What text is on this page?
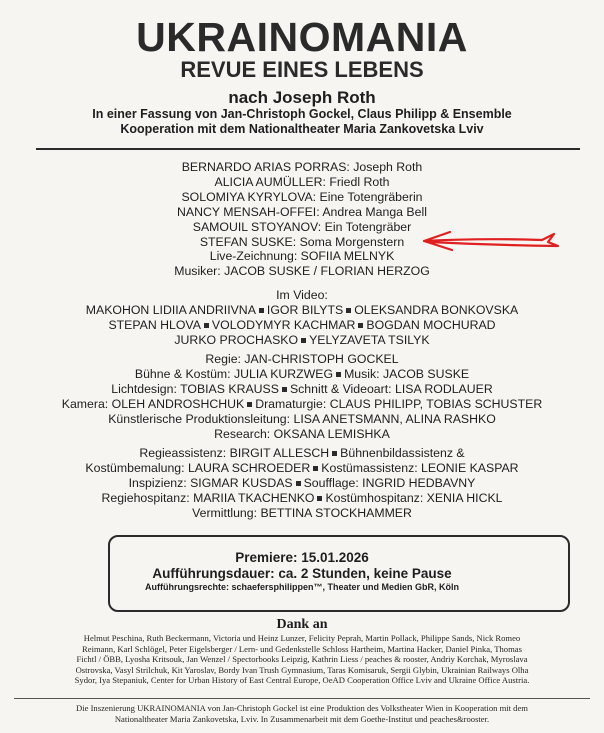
UKRAINOMANIA
REVUE EINES LEBENS
nach Joseph Roth
In einer Fassung von Jan-Christoph Gockel, Claus Philipp & Ensemble
Kooperation mit dem Nationaltheater Maria Zankovetska Lviv
BERNARDO ARIAS PORRAS: Joseph Roth
ALICIA AUMÜLLER: Friedl Roth
SOLOMIYA KYRYLOVA: Eine Totengräberin
NANCY MENSAH-OFFEI: Andrea Manga Bell
SAMOUIL STOYANOV: Ein Totengräber
STEFAN SUSKE: Soma Morgenstern
Live-Zeichnung: SOFIIA MELNYK
Musiker: JACOB SUSKE / FLORIAN HERZOG
Im Video:
MAKOHON LIDIIA ANDRIIVNA IGOR BILYTS OLEKSANDRA BONKOVSKA
STEPAN HLOVA VOLODYMYR KACHMAR BOGDAN MOCHURAD
JURKO PROCHASKO YELYZAVETA TSILYK
Regie: JAN-CHRISTOPH GOCKEL
Bühne & Kostüm: JULIA KURZWEG Musik: JACOB SUSKE
Lichtdesign: TOBIAS KRAUSS Schnitt & Videoart: LISA RODLAUER
Kamera: OLEH ANDROSHCHUK Dramaturgie: CLAUS PHILIPP, TOBIAS SCHUSTER
Künstlerische Produktionsleitung: LISA ANETSMANN, ALINA RASHKO
Research: OKSANA LEMISHKA
Regieassistenz: BIRGIT ALLESCH Bühnenbildassistenz &
Kostümbemalung: LAURA SCHROEDER Kostümassistenz: LEONIE KASPAR
Inspizienz: SIGMAR KUSDAS Soufflage: INGRID HEDBAVNY
Regiehospitanz: MARIIA TKACHENKO Kostümhospitanz: XENIA HICKL
Vermittlung: BETTINA STOCKHAMMER
Premiere: 15.01.2026
Aufführungsdauer: ca. 2 Stunden, keine Pause
Aufführungsrechte: schaefersphilippen™, Theater und Medien GbR, Köln
Dank an
Helmut Peschina, Ruth Beckermann, Victoria und Heinz Lunzer, Felicity Peprah, Martin Pollack, Philippe Sands, Nick Romeo
Reimann, Karl Schlögel, Peter Eigelsberger / Lern- und Gedenkstelle Schloss Hartheim, Martina Hacker, Daniel Pinka, Thomas
Fichtl / ÖBB, Lyosha Kritsouk, Jan Wenzel / Spectorbooks Leipzig, Kathrin Liess / peaches & rooster, Andriy Korchak, Myroslava
Ostrovska, Vasyl Strilchuk, Kit Yaroslav, Bordy Ivan Trush Gymnasium, Taras Komisaruk, Sergii Glybin, Ukrainian Railways Olha
Sydor, Iya Stepaniuk, Center for Urban History of East Central Europe, OeAD Cooperation Office Lviv and Ukraine Office Austria.
Die Inszenierung UKRAINOMANIA von Jan-Christoph Gockel ist eine Produktion des Volkstheater Wien in Kooperation mit dem
Nationaltheater Maria Zankovetska, Lviv. In Zusammenarbeit mit dem Goethe-Institut und peaches&rooster.
